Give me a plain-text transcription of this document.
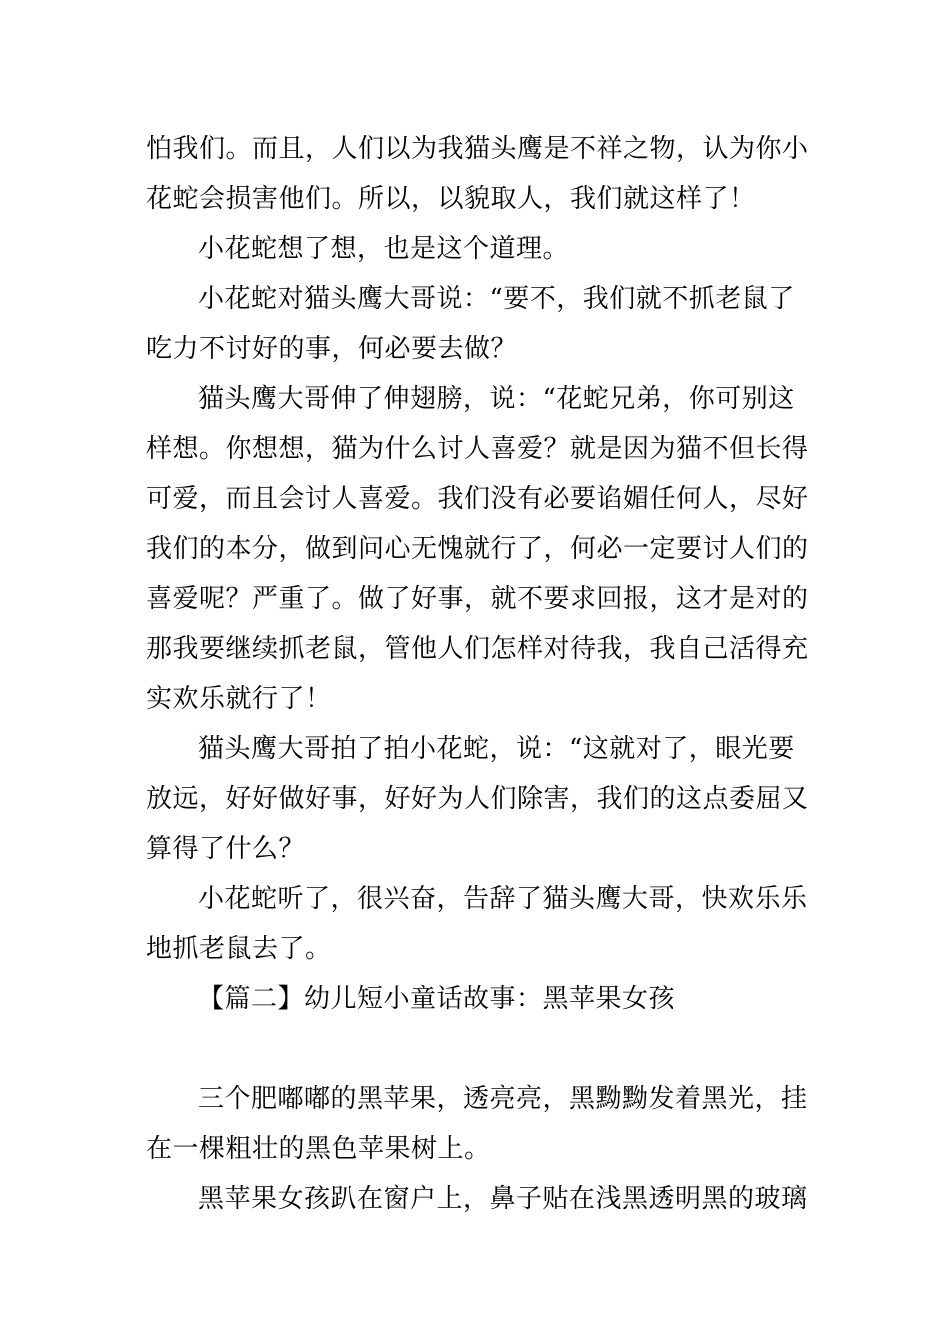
怕我们。而且，人们以为我猫头鹰是不祥之物，认为你小
花蛇会损害他们。所以，以貌取人，我们就这样了！
小花蛇想了想，也是这个道理。
小花蛇对猫头鹰大哥说：“要不，我们就不抓老鼠了
吃力不讨好的事，何必要去做？
猫头鹰大哥伸了伸翅膀，说：“花蛇兄弟，你可别这
样想。你想想，猫为什么讨人喜爱？就是因为猫不但长得
可爱，而且会讨人喜爱。我们没有必要谄媚任何人，尽好
我们的本分，做到问心无愧就行了，何必一定要讨人们的
喜爱呢？严重了。做了好事，就不要求回报，这才是对的
那我要继续抓老鼠，管他人们怎样对待我，我自己活得充
实欢乐就行了！
猫头鹰大哥拍了拍小花蛇，说：“这就对了，眼光要
放远，好好做好事，好好为人们除害，我们的这点委屈又
算得了什么？
小花蛇听了，很兴奋，告辞了猫头鹰大哥，快欢乐乐
地抓老鼠去了。
【篇二】幼儿短小童话故事：黑苹果女孩
三个肥嘟嘟的黑苹果，透亮亮，黑黝黝发着黑光，挂
在一棵粗壮的黑色苹果树上。
黑苹果女孩趴在窗户上，鼻子贴在浅黑透明黑的玻璃
